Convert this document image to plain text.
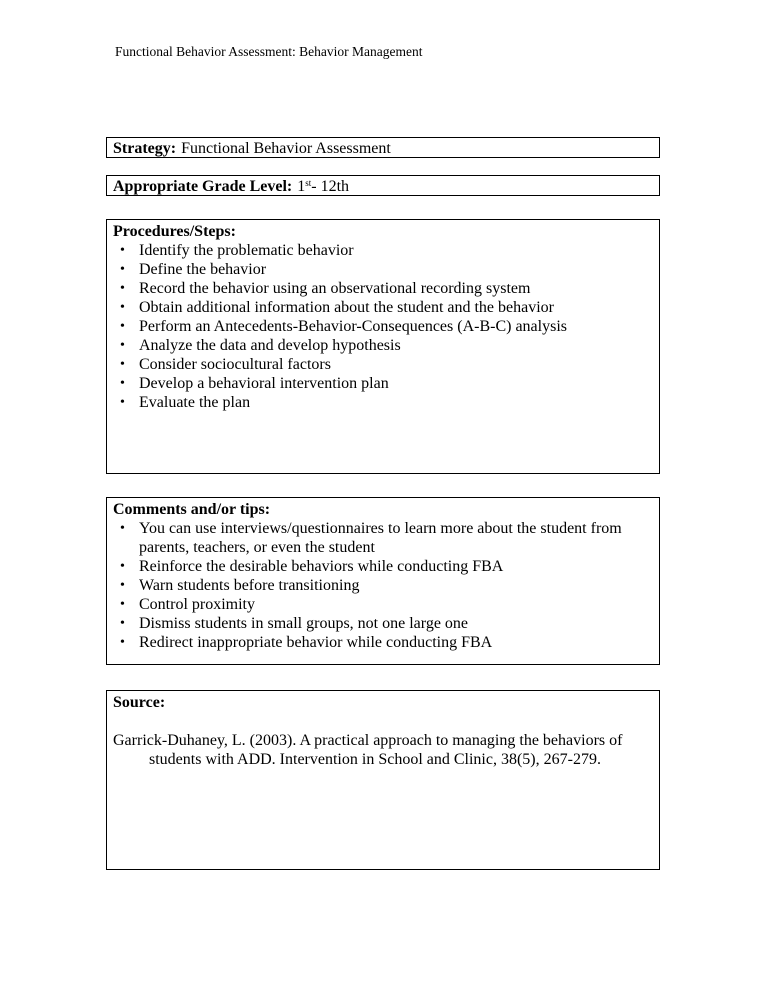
Functional Behavior Assessment: Behavior Management
Strategy: Functional Behavior Assessment
Appropriate Grade Level: 1st- 12th
Procedures/Steps:
• Identify the problematic behavior
• Define the behavior
• Record the behavior using an observational recording system
• Obtain additional information about the student and the behavior
• Perform an Antecedents-Behavior-Consequences (A-B-C) analysis
• Analyze the data and develop hypothesis
• Consider sociocultural factors
• Develop a behavioral intervention plan
• Evaluate the plan
Comments and/or tips:
• You can use interviews/questionnaires to learn more about the student from parents, teachers, or even the student
• Reinforce the desirable behaviors while conducting FBA
• Warn students before transitioning
• Control proximity
• Dismiss students in small groups, not one large one
• Redirect inappropriate behavior while conducting FBA
Source:
Garrick-Duhaney, L. (2003). A practical approach to managing the behaviors of students with ADD. Intervention in School and Clinic, 38(5), 267-279.
